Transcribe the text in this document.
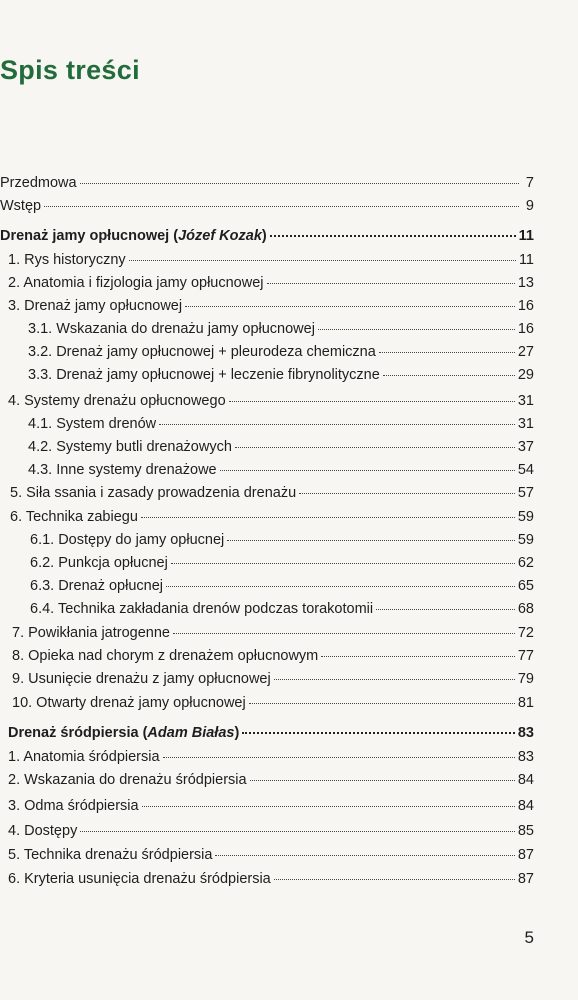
Spis treści
Przedmowa	7
Wstęp	9
Drenaż jamy opłucnowej (Józef Kozak)	11
1. Rys historyczny	11
2. Anatomia i fizjologia jamy opłucnowej	13
3. Drenaż jamy opłucnowej	16
3.1. Wskazania do drenażu jamy opłucnowej	16
3.2. Drenaż jamy opłucnowej + pleurodeza chemiczna	27
3.3. Drenaż jamy opłucnowej + leczenie fibrynolityczne	29
4. Systemy drenażu opłucnowego	31
4.1. System drenów	31
4.2. Systemy butli drenażowych	37
4.3. Inne systemy drenażowe	54
5. Siła ssania i zasady prowadzenia drenażu	57
6. Technika zabiegu	59
6.1. Dostępy do jamy opłucnej	59
6.2. Punkcja opłucnej	62
6.3. Drenaż opłucnej	65
6.4. Technika zakładania drenów podczas torakotomii	68
7. Powikłania jatrogenne	72
8. Opieka nad chorym z drenażem opłucnowym	77
9. Usunięcie drenażu z jamy opłucnowej	79
10. Otwarty drenaż jamy opłucnowej	81
Drenaż śródpiersia (Adam Białas)	83
1. Anatomia śródpiersia	83
2. Wskazania do drenażu śródpiersia	84
3. Odma śródpiersia	84
4. Dostępy	85
5. Technika drenażu śródpiersia	87
6. Kryteria usunięcia drenażu śródpiersia	87
5
